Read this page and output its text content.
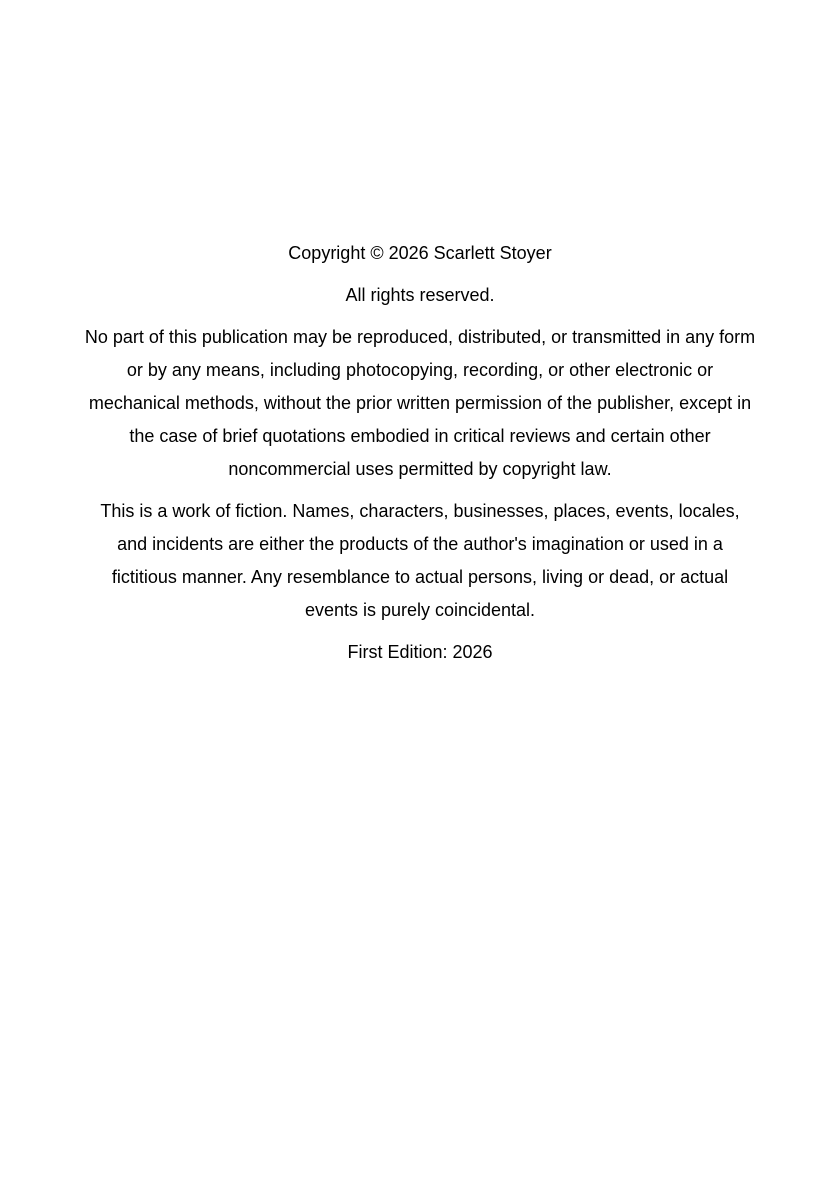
Copyright © 2026 Scarlett Stoyer

All rights reserved.

No part of this publication may be reproduced, distributed, or transmitted in any form or by any means, including photocopying, recording, or other electronic or mechanical methods, without the prior written permission of the publisher, except in the case of brief quotations embodied in critical reviews and certain other noncommercial uses permitted by copyright law.

This is a work of fiction. Names, characters, businesses, places, events, locales, and incidents are either the products of the author's imagination or used in a fictitious manner. Any resemblance to actual persons, living or dead, or actual events is purely coincidental.

First Edition: 2026
